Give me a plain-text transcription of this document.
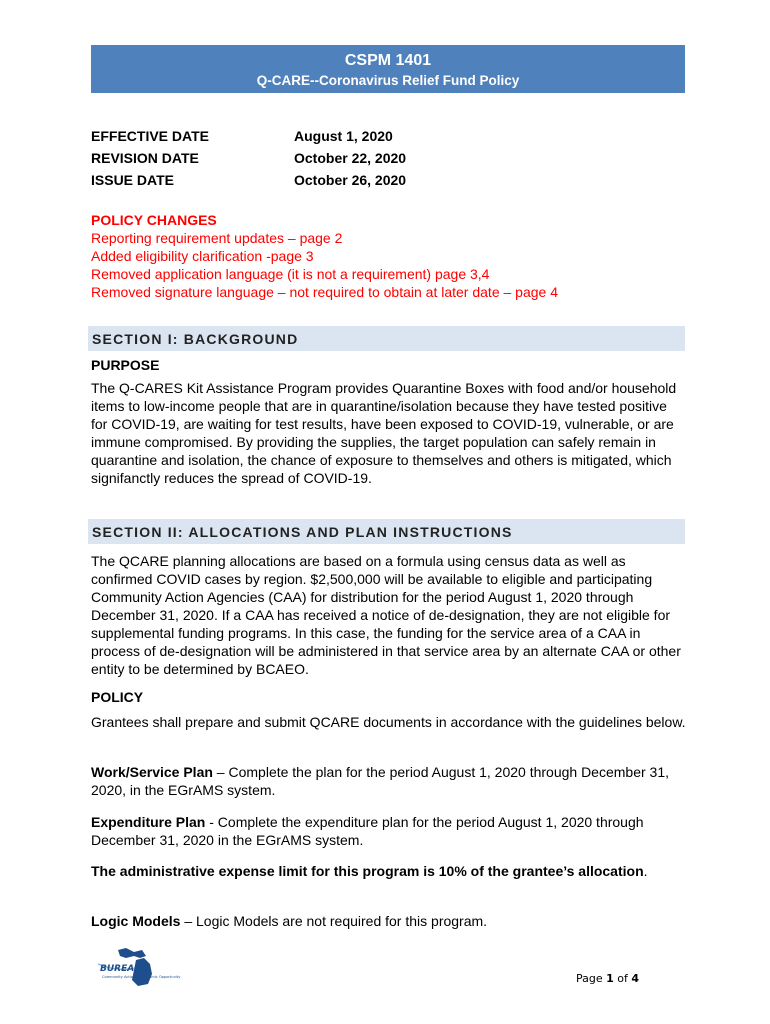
CSPM 1401
Q-CARE--Coronavirus Relief Fund Policy
EFFECTIVE DATE	August 1, 2020
REVISION DATE	October 22, 2020
ISSUE DATE	October 26, 2020
POLICY CHANGES
Reporting requirement updates – page 2
Added eligibility clarification -page 3
Removed application language (it is not a requirement) page 3,4
Removed signature language – not required to obtain at later date – page 4
SECTION I: BACKGROUND
PURPOSE
The Q-CARES Kit Assistance Program provides Quarantine Boxes with food and/or household items to low-income people that are in quarantine/isolation because they have tested positive for COVID-19, are waiting for test results, have been exposed to COVID-19, vulnerable, or are immune compromised. By providing the supplies, the target population can safely remain in quarantine and isolation, the chance of exposure to themselves and others is mitigated, which signifanctly reduces the spread of COVID-19.
SECTION II: ALLOCATIONS AND PLAN INSTRUCTIONS
The QCARE planning allocations are based on a formula using census data as well as confirmed COVID cases by region. $2,500,000 will be available to eligible and participating Community Action Agencies (CAA) for distribution for the period August 1, 2020 through December 31, 2020. If a CAA has received a notice of de-designation, they are not eligible for supplemental funding programs. In this case, the funding for the service area of a CAA in process of de-designation will be administered in that service area by an alternate CAA or other entity to be determined by BCAEO.
POLICY
Grantees shall prepare and submit QCARE documents in accordance with the guidelines below.
Work/Service Plan – Complete the plan for the period August 1, 2020 through December 31, 2020, in the EGrAMS system.
Expenditure Plan - Complete the expenditure plan for the period August 1, 2020 through December 31, 2020 in the EGrAMS system.
The administrative expense limit for this program is 10% of the grantee’s allocation.
Logic Models – Logic Models are not required for this program.
BUREAU
Community Action & Economic Opportunity	Page 1 of 4
